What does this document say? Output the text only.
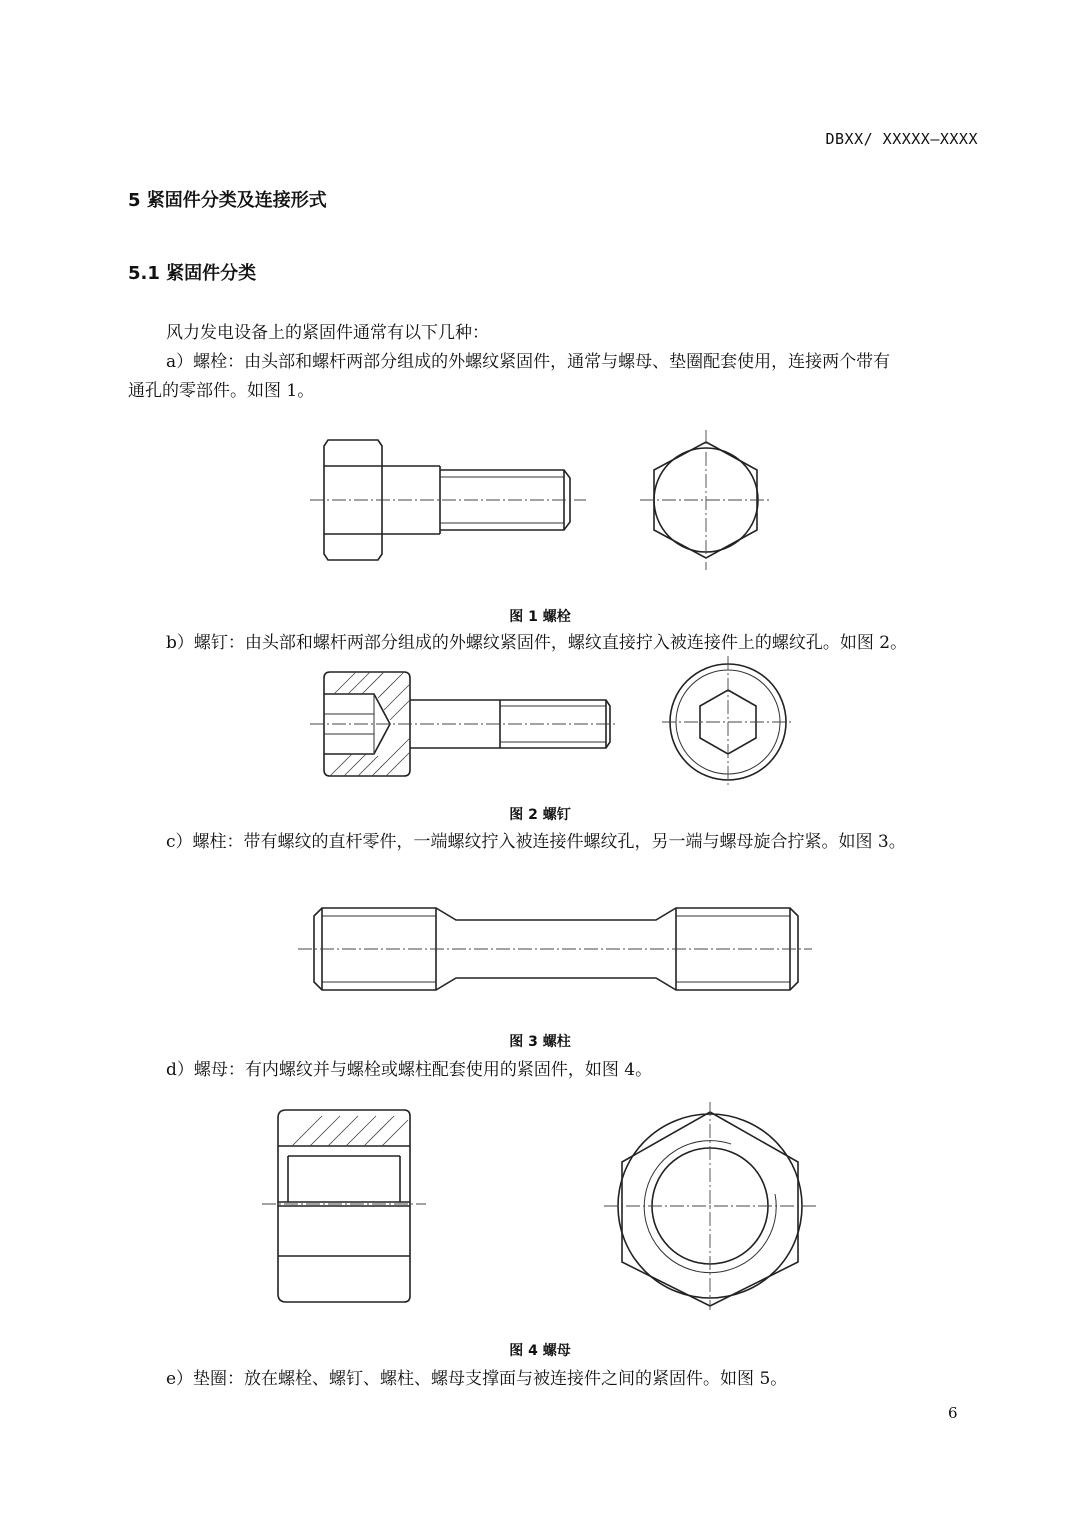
DBXX/ XXXXX—XXXX
5 紧固件分类及连接形式
5.1 紧固件分类
风力发电设备上的紧固件通常有以下几种：
a）螺栓：由头部和螺杆两部分组成的外螺纹紧固件，通常与螺母、垫圈配套使用，连接两个带有
通孔的零部件。如图 1。
图 1 螺栓
b）螺钉：由头部和螺杆两部分组成的外螺纹紧固件，螺纹直接拧入被连接件上的螺纹孔。如图 2。
图 2 螺钉
c）螺柱：带有螺纹的直杆零件，一端螺纹拧入被连接件螺纹孔，另一端与螺母旋合拧紧。如图 3。
图 3 螺柱
d）螺母：有内螺纹并与螺栓或螺柱配套使用的紧固件，如图 4。
图 4 螺母
e）垫圈：放在螺栓、螺钉、螺柱、螺母支撑面与被连接件之间的紧固件。如图 5。
6
